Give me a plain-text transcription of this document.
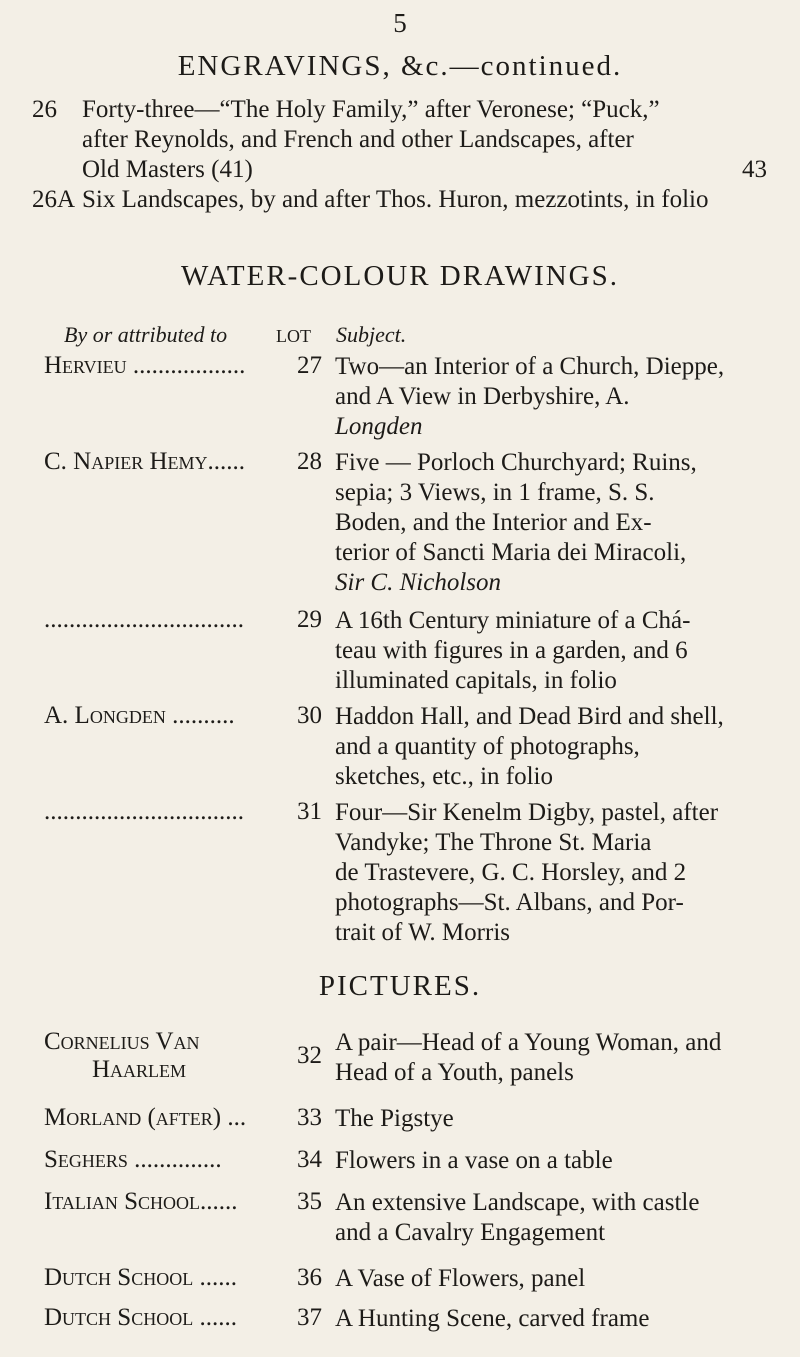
5
ENGRAVINGS, &c.—continued.
26 Forty-three—“The Holy Family,” after Veronese; “Puck,”
after Reynolds, and French and other Landscapes, after
Old Masters (41)	43
26A Six Landscapes, by and after Thos. Huron, mezzotints, in folio
WATER-COLOUR DRAWINGS.
By or attributed to	LOT Subject.
Hervieu ..................	27 Two—an Interior of a Church, Dieppe,
and A View in Derbyshire, A.
Longden
C. Napier Hemy......	28 Five — Porloch Churchyard; Ruins,
sepia; 3 Views, in 1 frame, S. S.
Boden, and the Interior and Ex-
terior of Sancti Maria dei Miracoli,
Sir C. Nicholson
................................	29 A 16th Century miniature of a Chá-
teau with figures in a garden, and 6
illuminated capitals, in folio
A. Longden ..........	30 Haddon Hall, and Dead Bird and shell,
and a quantity of photographs,
sketches, etc., in folio
................................	31 Four—Sir Kenelm Digby, pastel, after
Vandyke; The Throne St. Maria
de Trastevere, G. C. Horsley, and 2
photographs—St. Albans, and Por-
trait of W. Morris
PICTURES.
Cornelius Van
Haarlem
32 A pair—Head of a Young Woman, and
Head of a Youth, panels
Morland (after) ...	33 The Pigstye
Seghers ..............	34 Flowers in a vase on a table
Italian School......	35 An extensive Landscape, with castle
and a Cavalry Engagement
Dutch School ......	36 A Vase of Flowers, panel
Dutch School ......	37 A Hunting Scene, carved frame
